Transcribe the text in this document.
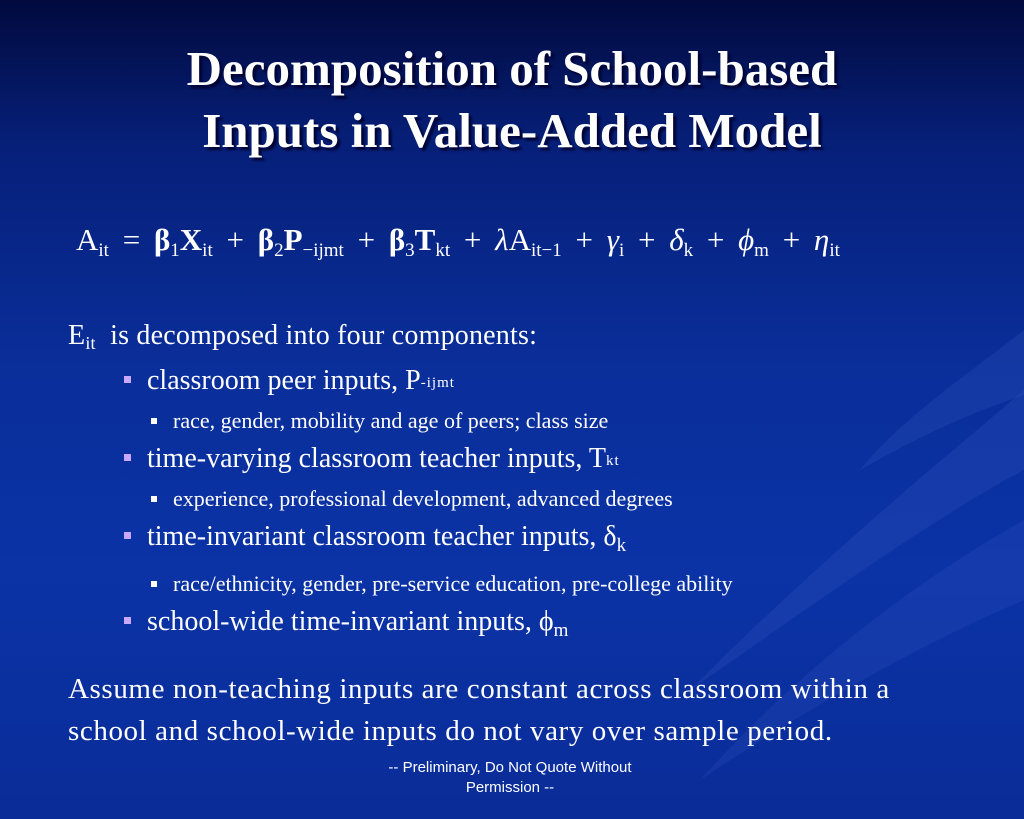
Decomposition of School-based
Inputs in Value-Added Model
$A_{it} = \beta_1X_{it} + \beta_2P_{-ijmt} + \beta_3T_{kt} + \lambda A_{it-1} + \gamma_i + \delta_k + \phi_m + \eta_{it}$
$E_{it}$ is decomposed into four components:
classroom peer inputs, $P_{-ijmt}$
race, gender, mobility and age of peers; class size
time-varying classroom teacher inputs, $T_{kt}$
experience, professional development, advanced degrees
time-invariant classroom teacher inputs, $\delta_k$
race/ethnicity, gender, pre-service education, pre-college ability
school-wide time-invariant inputs, $\phi_m$
Assume non-teaching inputs are constant across classroom within a school and school-wide inputs do not vary over sample period.
-- Preliminary, Do Not Quote Without
Permission --
